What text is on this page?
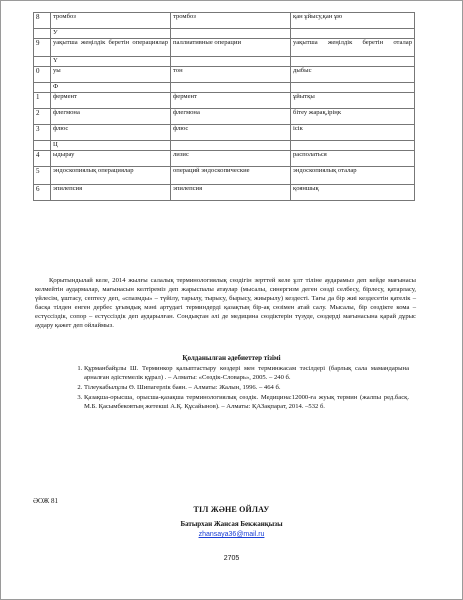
8	тромбоз	тромбоз	қан ұйысу,қан ұю
	У		
9	уақытша жеңілдік беретін операциялар	паллиативные операции	уақытша жеңілдік беретін оталар
	Ү		
0	уы	тон	дыбыс
	Ф		
1	фермент	фермент	ұйытқы
2	флегмона	флегмона	бітеу жарақ,іріңк
3	флюс	флюс	ісік
	Ц		
4	ыдырау	лизис	располаться
5	эндоскопиялық операциялар	операций эндоскопические	эндоскопиялық оталар
6	эпилепсия	эпилепсия	қояншық

Қорытындылай келе, 2014 жылғы салалық терминологиялық сөздігін зерттей келе ұлт тіліне аударамыз деп кейде мағынасы келмейтін аудармалар, мағынасын келтіреміз деп жарыспалы атаулар (мысалы, синергизм деген сөзді селбесу, бірлесу, қатарласу, үйлесім, ұштасу, септесу деп, «спазмды» – түйілу, тарылу, тырысу, бырысу, жиырылу) кездесті. Тағы да бір жиі кездесетін қателік – басқа тілден енген дербес ұғымдық мәні артудагі терминдерді қазақтың бір-ақ сөзімен атай салу. Мысалы, бір сөздікте кома – естүссіздік, сопор – естүссіздік деп аударылған. Сондықтан әлі де медицина сөздіктерін түзуде, сөздерді мағынасына қарай дұрыс аудару қажет деп ойлаймыз.

Қолданылған әдебиеттер тізімі
1. Құрманбайұлы Ш. Терминкор қалыптастыру көздері мен терминжасам тәсілдері (барлық сала мамандарына арналған әдістемелік құрал) . – Алматы: «Сөздік-Словарь», 2005. – 240 б.
2. Тілеукабылұлы Ө. Шипагерлік баян. – Алматы: Жалын, 1996. – 464 б.
3. Қазақша-орысша, орысша-қазақша терминологиялық сөздік. Медицина:12000-ға жуық термин (жалпы ред.басқ. М.Б. Қасымбековтың жетекші А.Қ. Құсайынов). – Алматы: ҚАЗақпарат, 2014. –532 б.
ӘОЖ 81
ТІЛ ЖӘНЕ ОЙЛАУ
Батырхан Жансая Бекжанқызы
zhansaya36@mail.ru
2705
